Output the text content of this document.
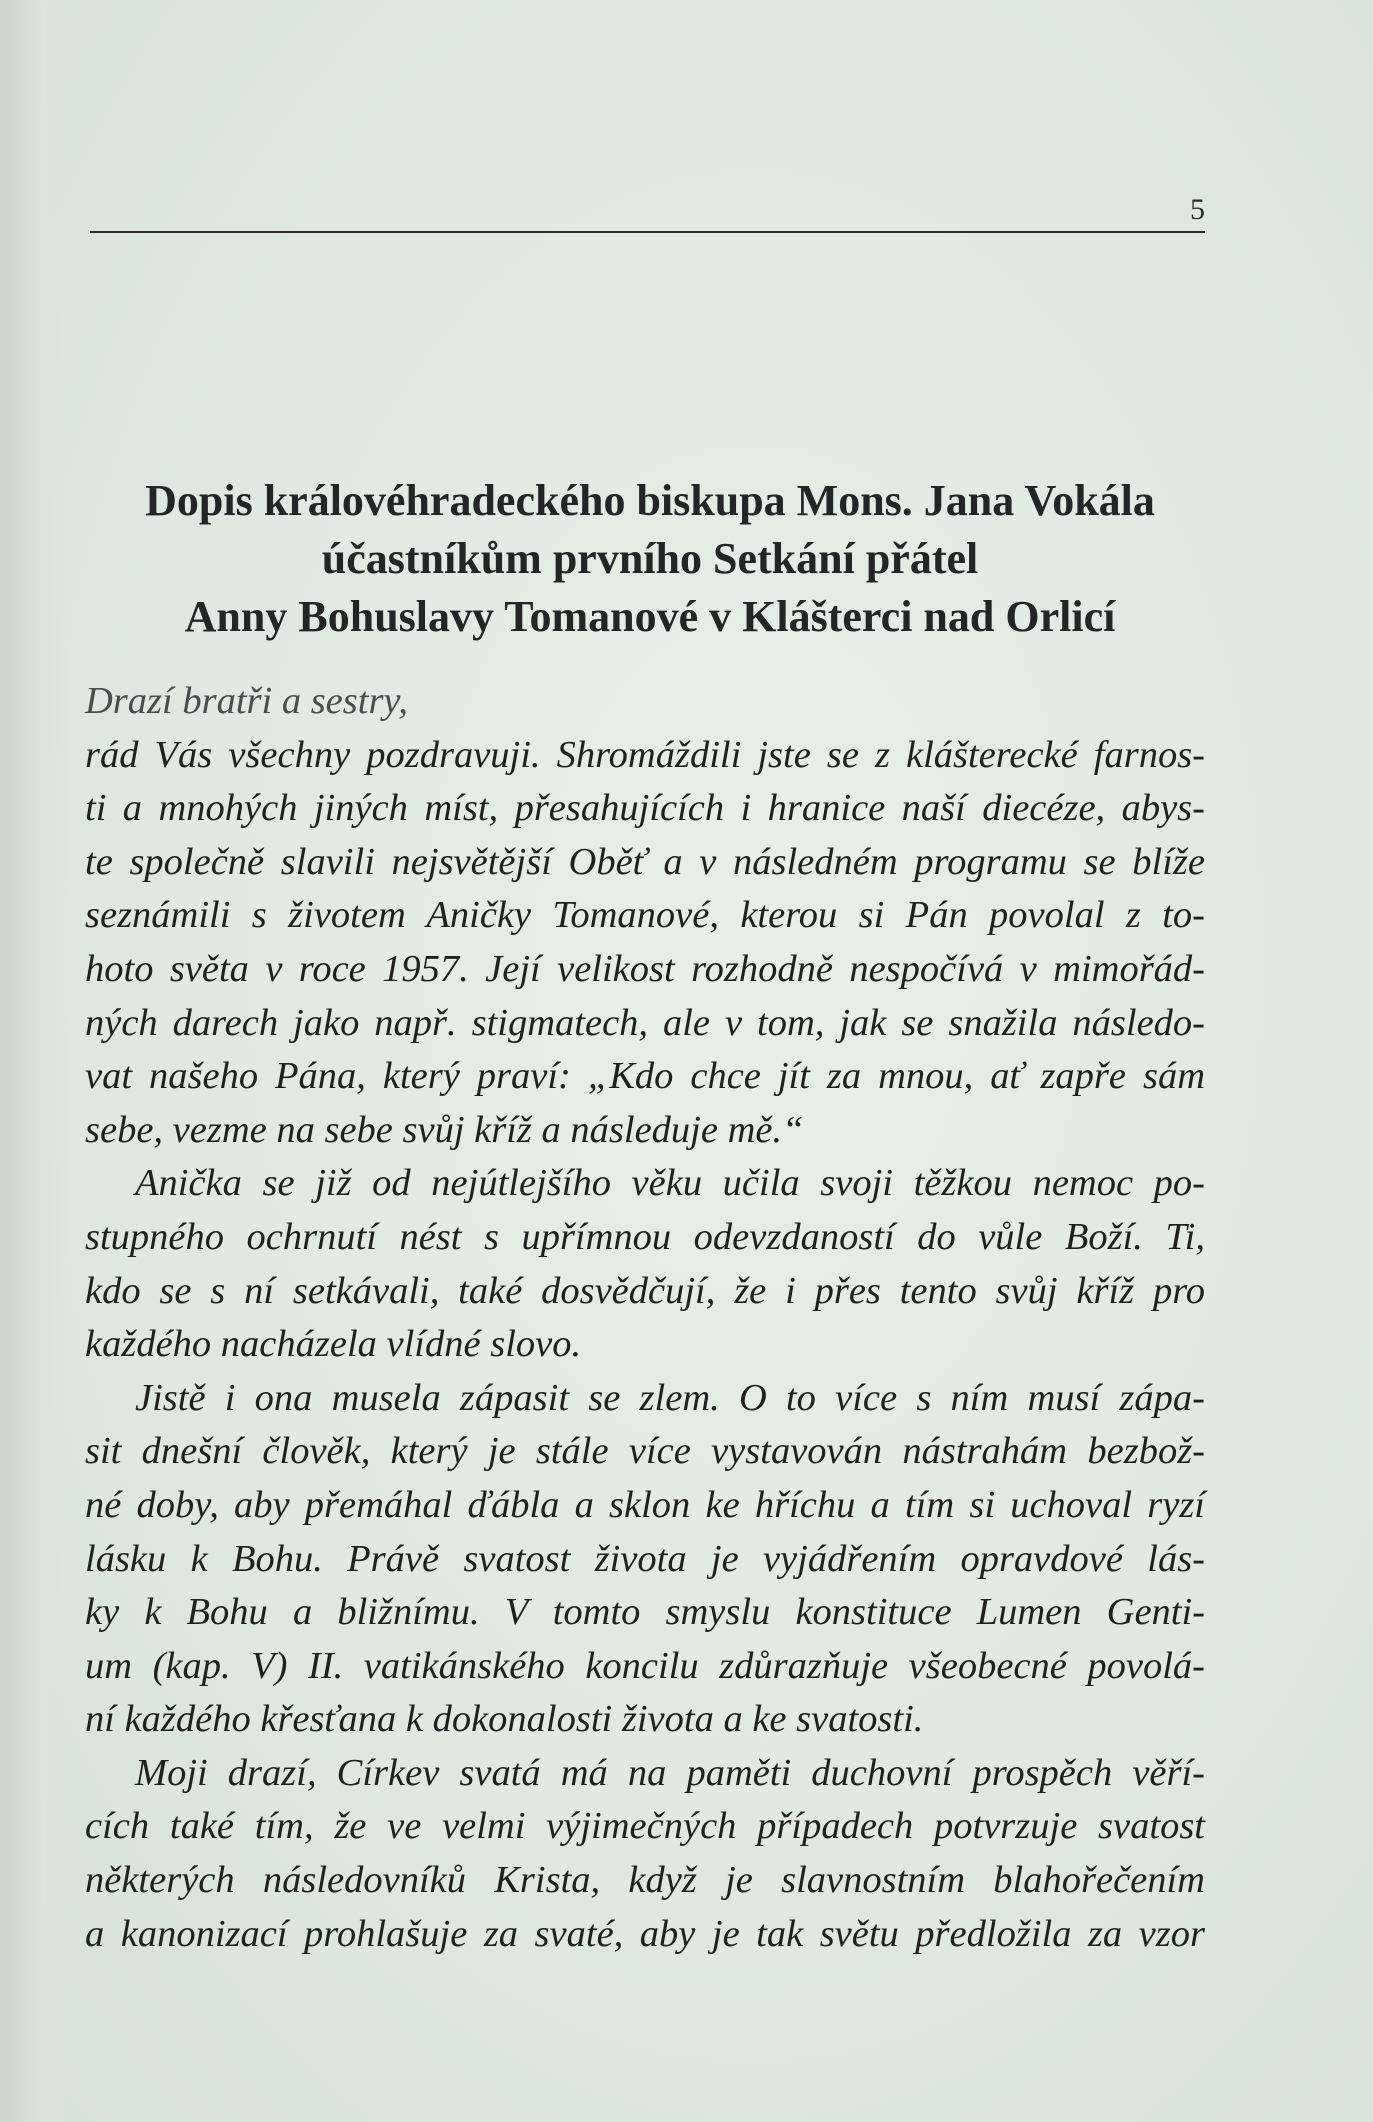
5
Dopis královéhradeckého biskupa Mons. Jana Vokála
účastníkům prvního Setkání přátel
Anny Bohuslavy Tomanové v Klášterci nad Orlicí
Drazí bratři a sestry,
rád Vás všechny pozdravuji. Shromáždili jste se z klášterecké farnos-
ti a mnohých jiných míst, přesahujících i hranice naší diecéze, abys-
te společně slavili nejsvětější Oběť a v následném programu se blíže
seznámili s životem Aničky Tomanové, kterou si Pán povolal z to-
hoto světa v roce 1957. Její velikost rozhodně nespočívá v mimořád-
ných darech jako např. stigmatech, ale v tom, jak se snažila následo-
vat našeho Pána, který praví: „Kdo chce jít za mnou, ať zapře sám
sebe, vezme na sebe svůj kříž a následuje mě.“
Anička se již od nejútlejšího věku učila svoji těžkou nemoc po-
stupného ochrnutí nést s upřímnou odevzdaností do vůle Boží. Ti,
kdo se s ní setkávali, také dosvědčují, že i přes tento svůj kříž pro
každého nacházela vlídné slovo.
Jistě i ona musela zápasit se zlem. O to více s ním musí zápa-
sit dnešní člověk, který je stále více vystavován nástrahám bezbož-
né doby, aby přemáhal ďábla a sklon ke hříchu a tím si uchoval ryzí
lásku k Bohu. Právě svatost života je vyjádřením opravdové lás-
ky k Bohu a bližnímu. V tomto smyslu konstituce Lumen Genti-
um (kap. V) II. vatikánského koncilu zdůrazňuje všeobecné povolá-
ní každého křesťana k dokonalosti života a ke svatosti.
Moji drazí, Církev svatá má na paměti duchovní prospěch věří-
cích také tím, že ve velmi výjimečných případech potvrzuje svatost
některých následovníků Krista, když je slavnostním blahořečením
a kanonizací prohlašuje za svaté, aby je tak světu předložila za vzor
